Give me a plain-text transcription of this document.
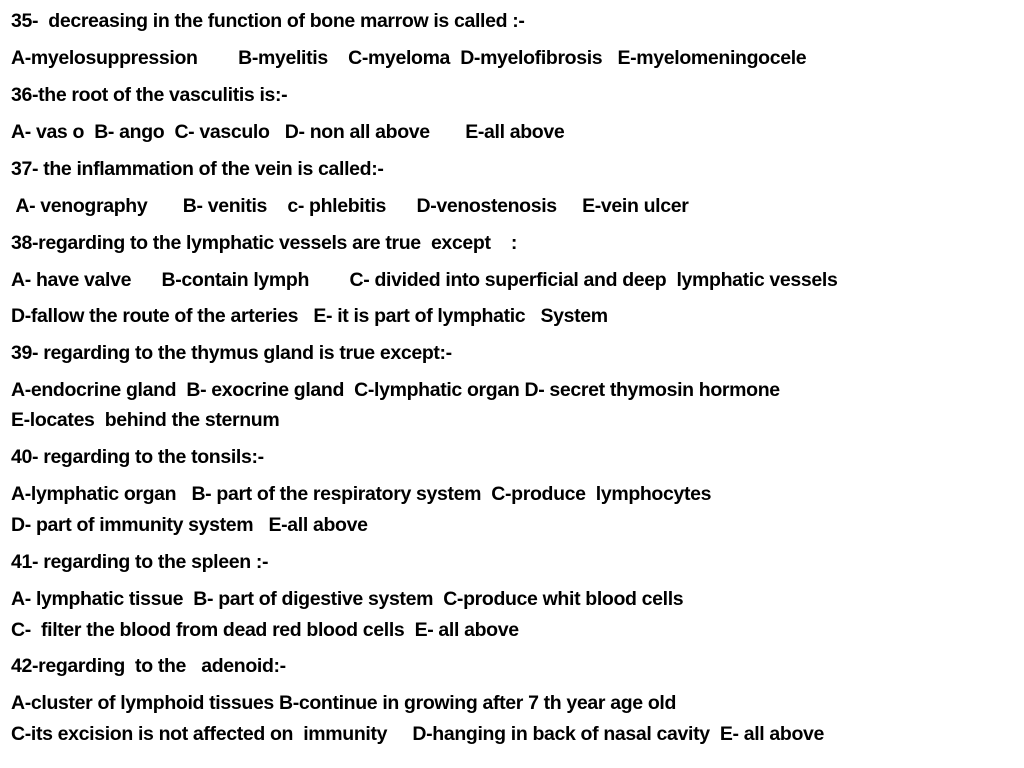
35-  decreasing in the function of bone marrow is called :-
A-myelosuppression        B-myelitis    C-myeloma  D-myelofibrosis   E-myelomeningocele
36-the root of the vasculitis is:-
A- vas o  B- ango  C- vasculo   D- non all above       E-all above
37- the inflammation of the vein is called:-
A- venography       B- venitis    c- phlebitis      D-venostenosis     E-vein ulcer
38-regarding to the lymphatic vessels are true  except    :
A- have valve      B-contain lymph        C- divided into superficial and deep  lymphatic vessels
D-fallow the route of the arteries   E- it is part of lymphatic   System
39- regarding to the thymus gland is true except:-
A-endocrine gland  B- exocrine gland  C-lymphatic organ D- secret thymosin hormone
E-locates  behind the sternum
40- regarding to the tonsils:-
A-lymphatic organ   B- part of the respiratory system  C-produce  lymphocytes
D- part of immunity system   E-all above
41- regarding to the spleen :-
A- lymphatic tissue  B- part of digestive system  C-produce whit blood cells
C-  filter the blood from dead red blood cells  E- all above
42-regarding  to the   adenoid:-
A-cluster of lymphoid tissues B-continue in growing after 7 th year age old
C-its excision is not affected on  immunity     D-hanging in back of nasal cavity  E- all above
